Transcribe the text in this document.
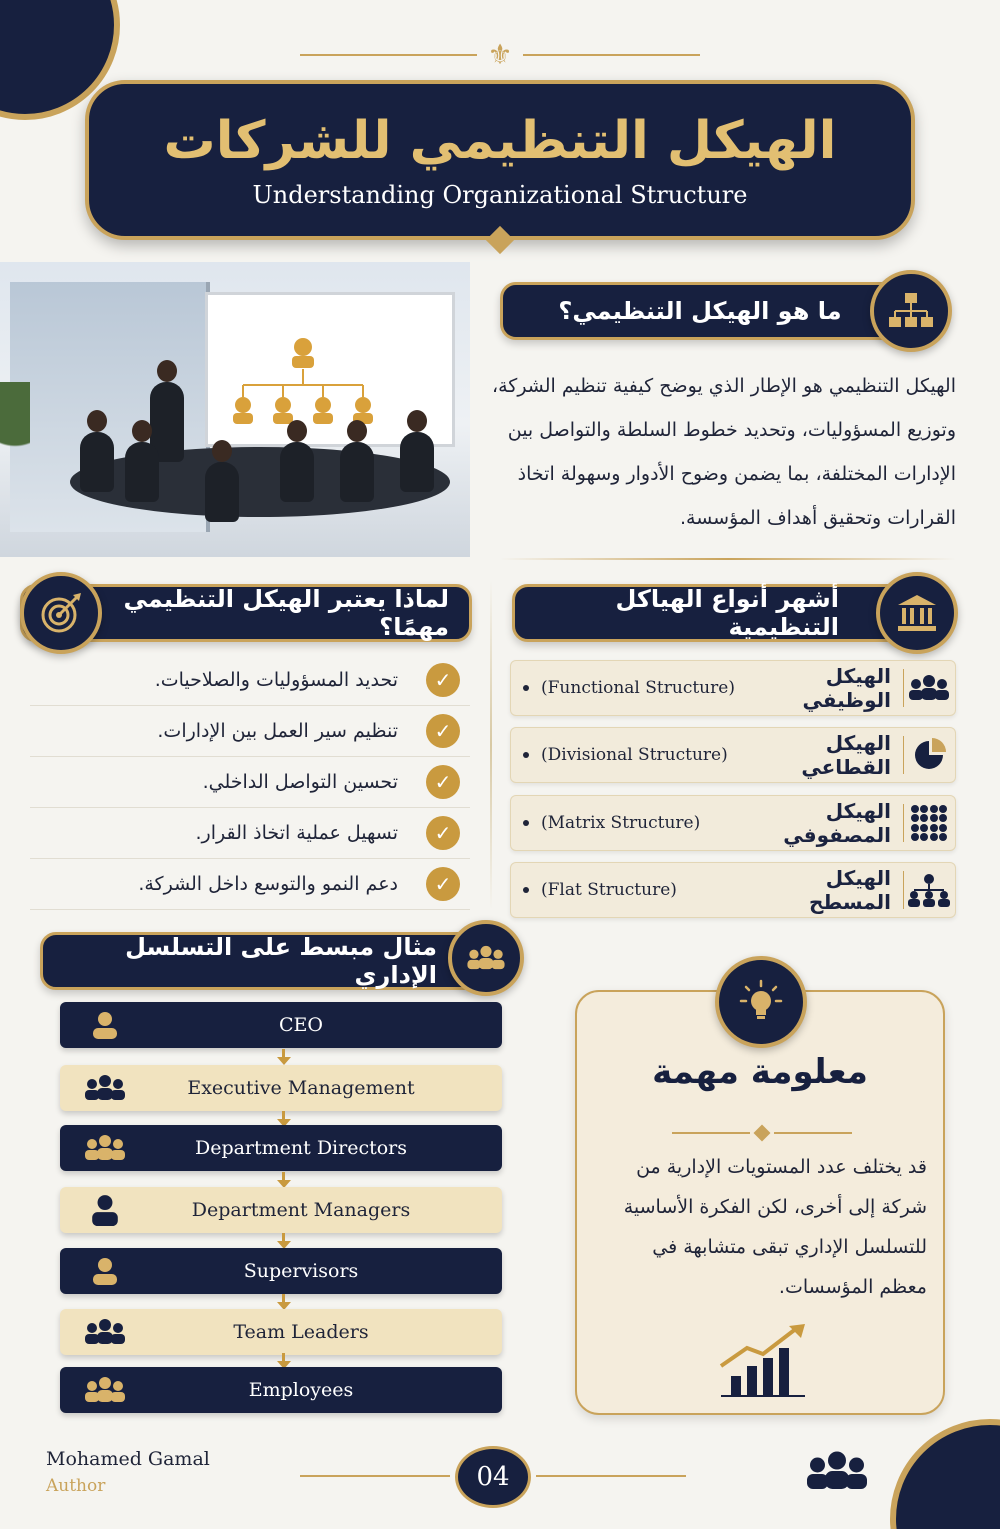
⚜
الهيكل التنظيمي للشركات
Understanding Organizational Structure
ما هو الهيكل التنظيمي؟
الهيكل التنظيمي هو الإطار الذي يوضح كيفية تنظيم الشركة، وتوزيع المسؤوليات، وتحديد خطوط السلطة والتواصل بين الإدارات المختلفة، بما يضمن وضوح الأدوار وسهولة اتخاذ القرارات وتحقيق أهداف المؤسسة.
لماذا يعتبر الهيكل التنظيمي مهمًا؟
تحديد المسؤوليات والصلاحيات.	✓
تنظيم سير العمل بين الإدارات.	✓
تحسين التواصل الداخلي.	✓
تسهيل عملية اتخاذ القرار.	✓
دعم النمو والتوسع داخل الشركة.	✓
أشهر أنواع الهياكل التنظيمية
(Functional Structure)	الهيكل الوظيفي
(Divisional Structure)	الهيكل القطاعي
(Matrix Structure)	الهيكل المصفوفي
(Flat Structure)	الهيكل المسطح
مثال مبسط على التسلسل الإداري
CEO
Executive Management
Department Directors
Department Managers
Supervisors
Team Leaders
Employees
معلومة مهمة
قد يختلف عدد المستويات الإدارية من شركة إلى أخرى، لكن الفكرة الأساسية للتسلسل الإداري تبقى متشابهة في معظم المؤسسات.
Mohamed Gamal
Author	04
